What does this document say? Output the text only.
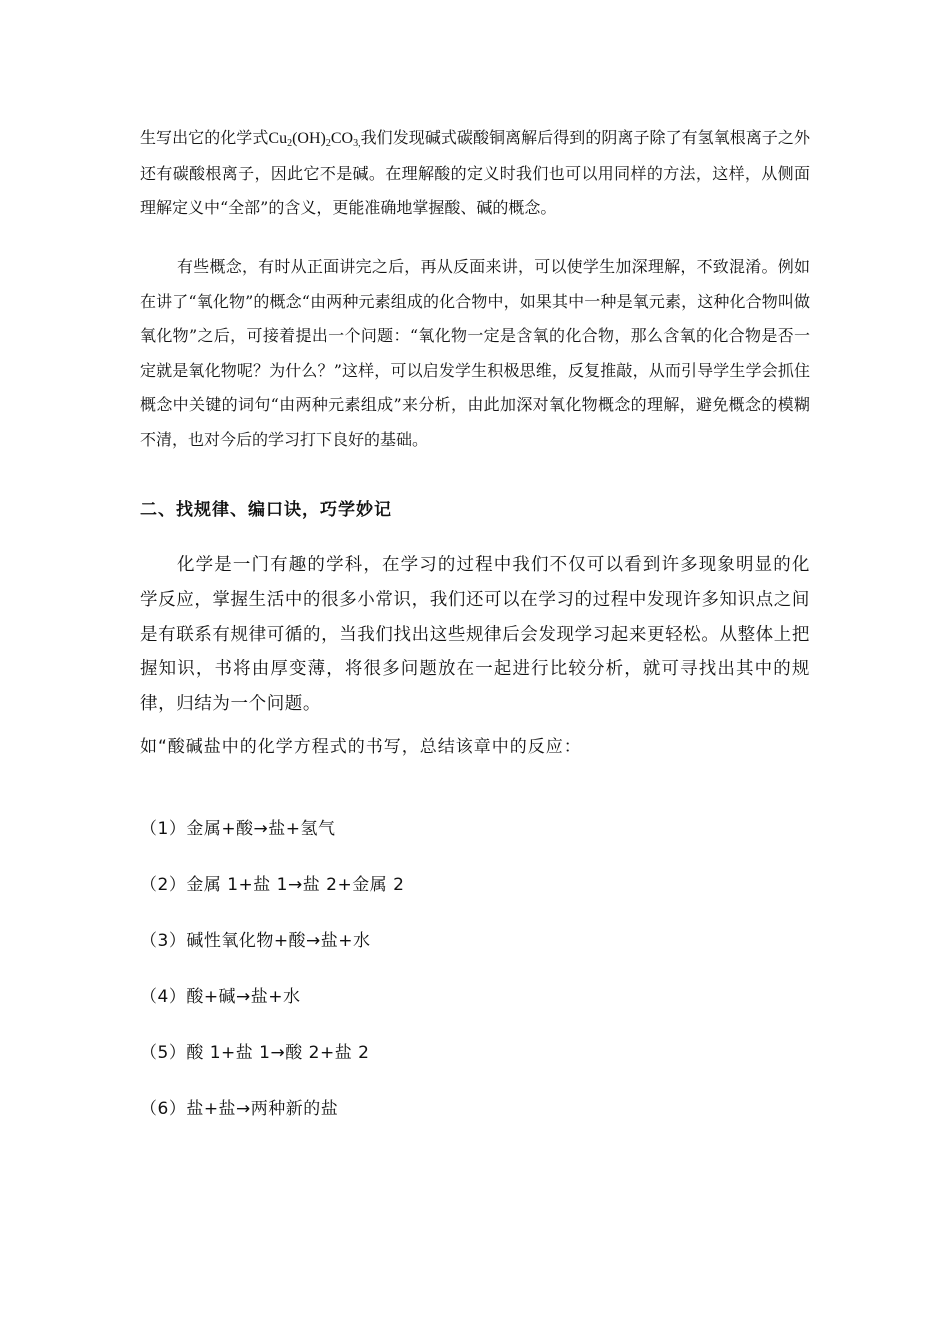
生写出它的化学式$Cu_2(OH)_2CO_{3,}$我们发现碱式碳酸铜离解后得到的阴离子除了有氢氧根离子之外还有碳酸根离子，因此它不是碱。在理解酸的定义时我们也可以用同样的方法，这样，从侧面理解定义中“全部”的含义，更能准确地掌握酸、碱的概念。

有些概念，有时从正面讲完之后，再从反面来讲，可以使学生加深理解，不致混淆。例如在讲了“氧化物”的概念“由两种元素组成的化合物中，如果其中一种是氧元素，这种化合物叫做氧化物”之后，可接着提出一个问题：“氧化物一定是含氧的化合物，那么含氧的化合物是否一定就是氧化物呢？为什么？”这样，可以启发学生积极思维，反复推敲，从而引导学生学会抓住概念中关键的词句“由两种元素组成”来分析，由此加深对氧化物概念的理解，避免概念的模糊不清，也对今后的学习打下良好的基础。

二、找规律、编口诀，巧学妙记

化学是一门有趣的学科，在学习的过程中我们不仅可以看到许多现象明显的化学反应，掌握生活中的很多小常识，我们还可以在学习的过程中发现许多知识点之间是有联系有规律可循的，当我们找出这些规律后会发现学习起来更轻松。从整体上把握知识，书将由厚变薄，将很多问题放在一起进行比较分析，就可寻找出其中的规律，归结为一个问题。

如“酸碱盐中的化学方程式的书写，总结该章中的反应：

（1）金属+酸→盐+氢气
（2）金属 1+盐 1→盐 2+金属 2
（3）碱性氧化物+酸→盐+水
（4）酸+碱→盐+水
（5）酸 1+盐 1→酸 2+盐 2
（6）盐+盐→两种新的盐
